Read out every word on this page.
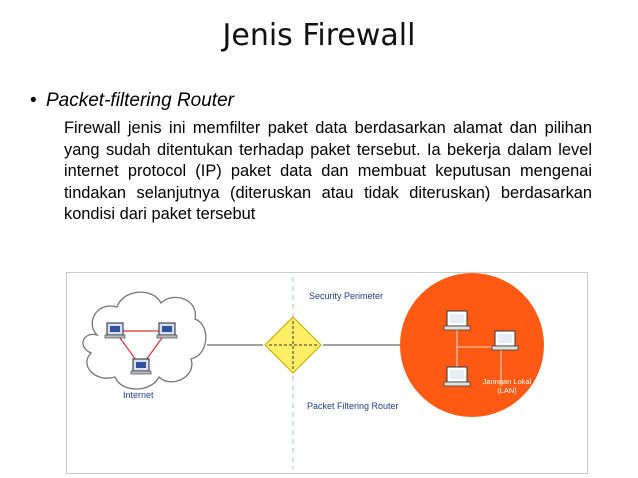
Jenis Firewall
• Packet-filtering Router
Firewall jenis ini memfilter paket data berdasarkan alamat dan pilihan yang sudah ditentukan terhadap paket tersebut. Ia bekerja dalam level internet protocol (IP) paket data dan membuat keputusan mengenai tindakan selanjutnya (diteruskan atau tidak diteruskan) berdasarkan kondisi dari paket tersebut
Internet
Security Perimeter
Packet Filtering Router
Jaringan Lokal
(LAN)
